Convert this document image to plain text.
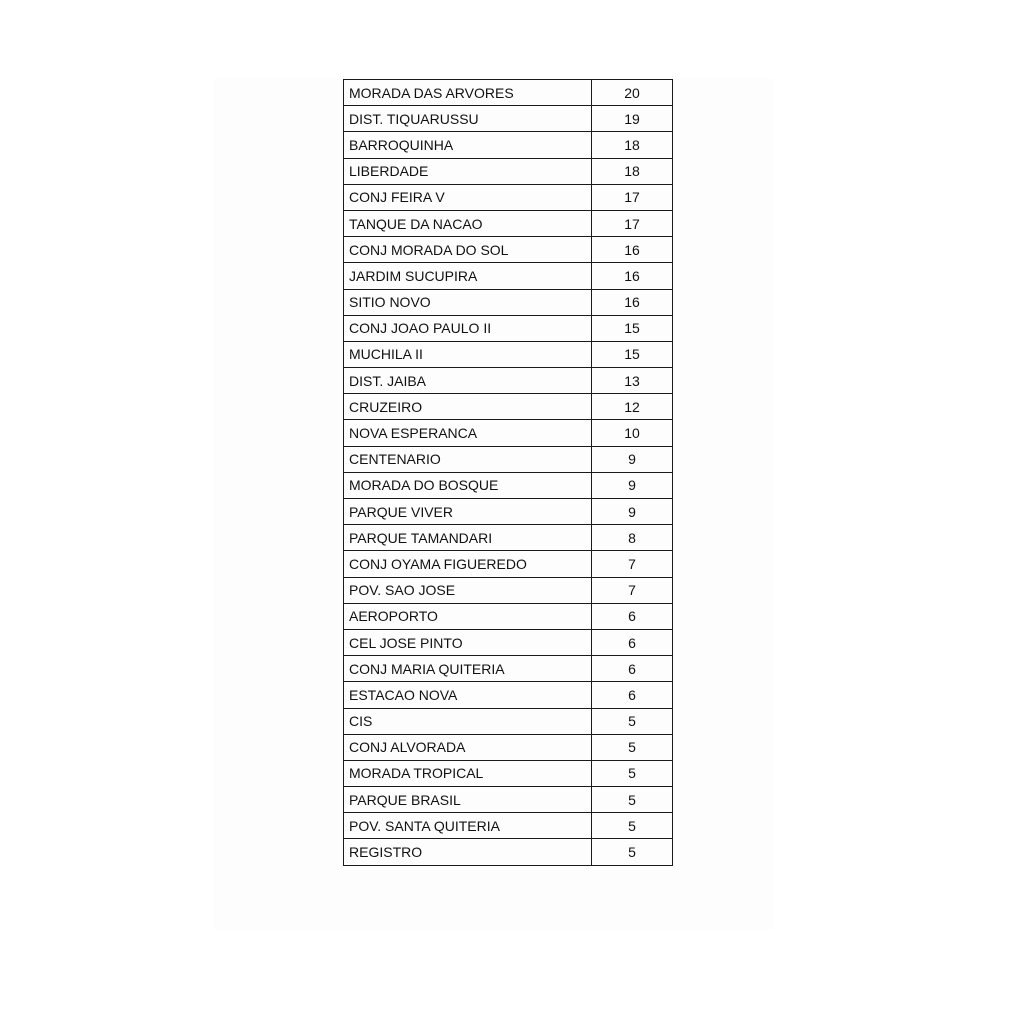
MORADA DAS ARVORES	20
DIST. TIQUARUSSU	19
BARROQUINHA	18
LIBERDADE	18
CONJ FEIRA V	17
TANQUE DA NACAO	17
CONJ MORADA DO SOL	16
JARDIM SUCUPIRA	16
SITIO NOVO	16
CONJ JOAO PAULO II	15
MUCHILA II	15
DIST. JAIBA	13
CRUZEIRO	12
NOVA ESPERANCA	10
CENTENARIO	9
MORADA DO BOSQUE	9
PARQUE VIVER	9
PARQUE TAMANDARI	8
CONJ OYAMA FIGUEREDO	7
POV. SAO JOSE	7
AEROPORTO	6
CEL JOSE PINTO	6
CONJ MARIA QUITERIA	6
ESTACAO NOVA	6
CIS	5
CONJ ALVORADA	5
MORADA TROPICAL	5
PARQUE BRASIL	5
POV. SANTA QUITERIA	5
REGISTRO	5
